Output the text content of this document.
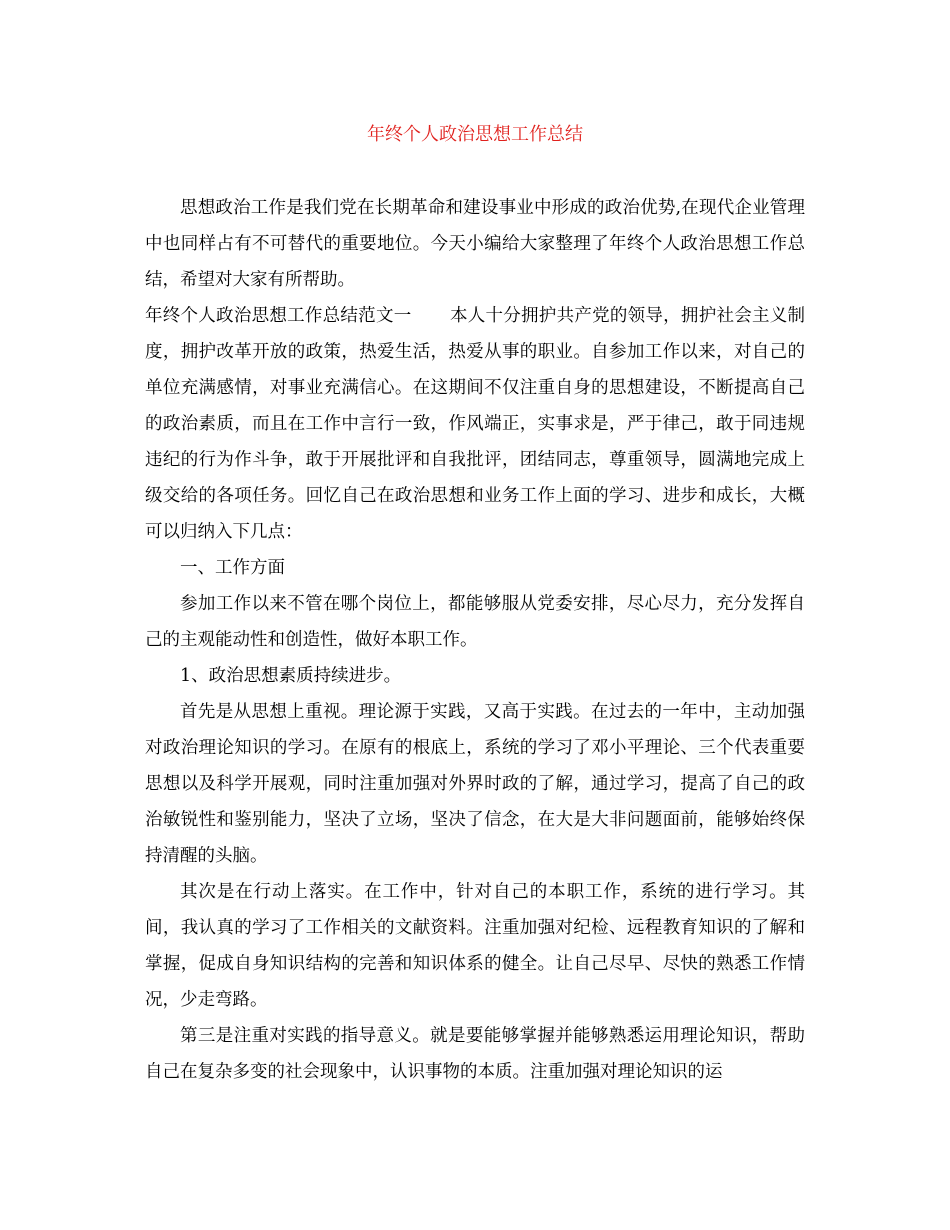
年终个人政治思想工作总结

思想政治工作是我们党在长期革命和建设事业中形成的政治优势,在现代企业管理中也同样占有不可替代的重要地位。今天小编给大家整理了年终个人政治思想工作总结，希望对大家有所帮助。

年终个人政治思想工作总结范文一 本人十分拥护共产党的领导，拥护社会主义制度，拥护改革开放的政策，热爱生活，热爱从事的职业。自参加工作以来，对自己的单位充满感情，对事业充满信心。在这期间不仅注重自身的思想建设，不断提高自己的政治素质，而且在工作中言行一致，作风端正，实事求是，严于律己，敢于同违规违纪的行为作斗争，敢于开展批评和自我批评，团结同志，尊重领导，圆满地完成上级交给的各项任务。回忆自己在政治思想和业务工作上面的学习、进步和成长，大概可以归纳入下几点：

一、工作方面

参加工作以来不管在哪个岗位上，都能够服从党委安排，尽心尽力，充分发挥自己的主观能动性和创造性，做好本职工作。

1、政治思想素质持续进步。

首先是从思想上重视。理论源于实践，又高于实践。在过去的一年中，主动加强对政治理论知识的学习。在原有的根底上，系统的学习了邓小平理论、三个代表重要思想以及科学开展观，同时注重加强对外界时政的了解，通过学习，提高了自己的政治敏锐性和鉴别能力，坚决了立场，坚决了信念，在大是大非问题面前，能够始终保持清醒的头脑。

其次是在行动上落实。在工作中，针对自己的本职工作，系统的进行学习。其间，我认真的学习了工作相关的文献资料。注重加强对纪检、远程教育知识的了解和掌握，促成自身知识结构的完善和知识体系的健全。让自己尽早、尽快的熟悉工作情况，少走弯路。

第三是注重对实践的指导意义。就是要能够掌握并能够熟悉运用理论知识，帮助自己在复杂多变的社会现象中，认识事物的本质。注重加强对理论知识的运
